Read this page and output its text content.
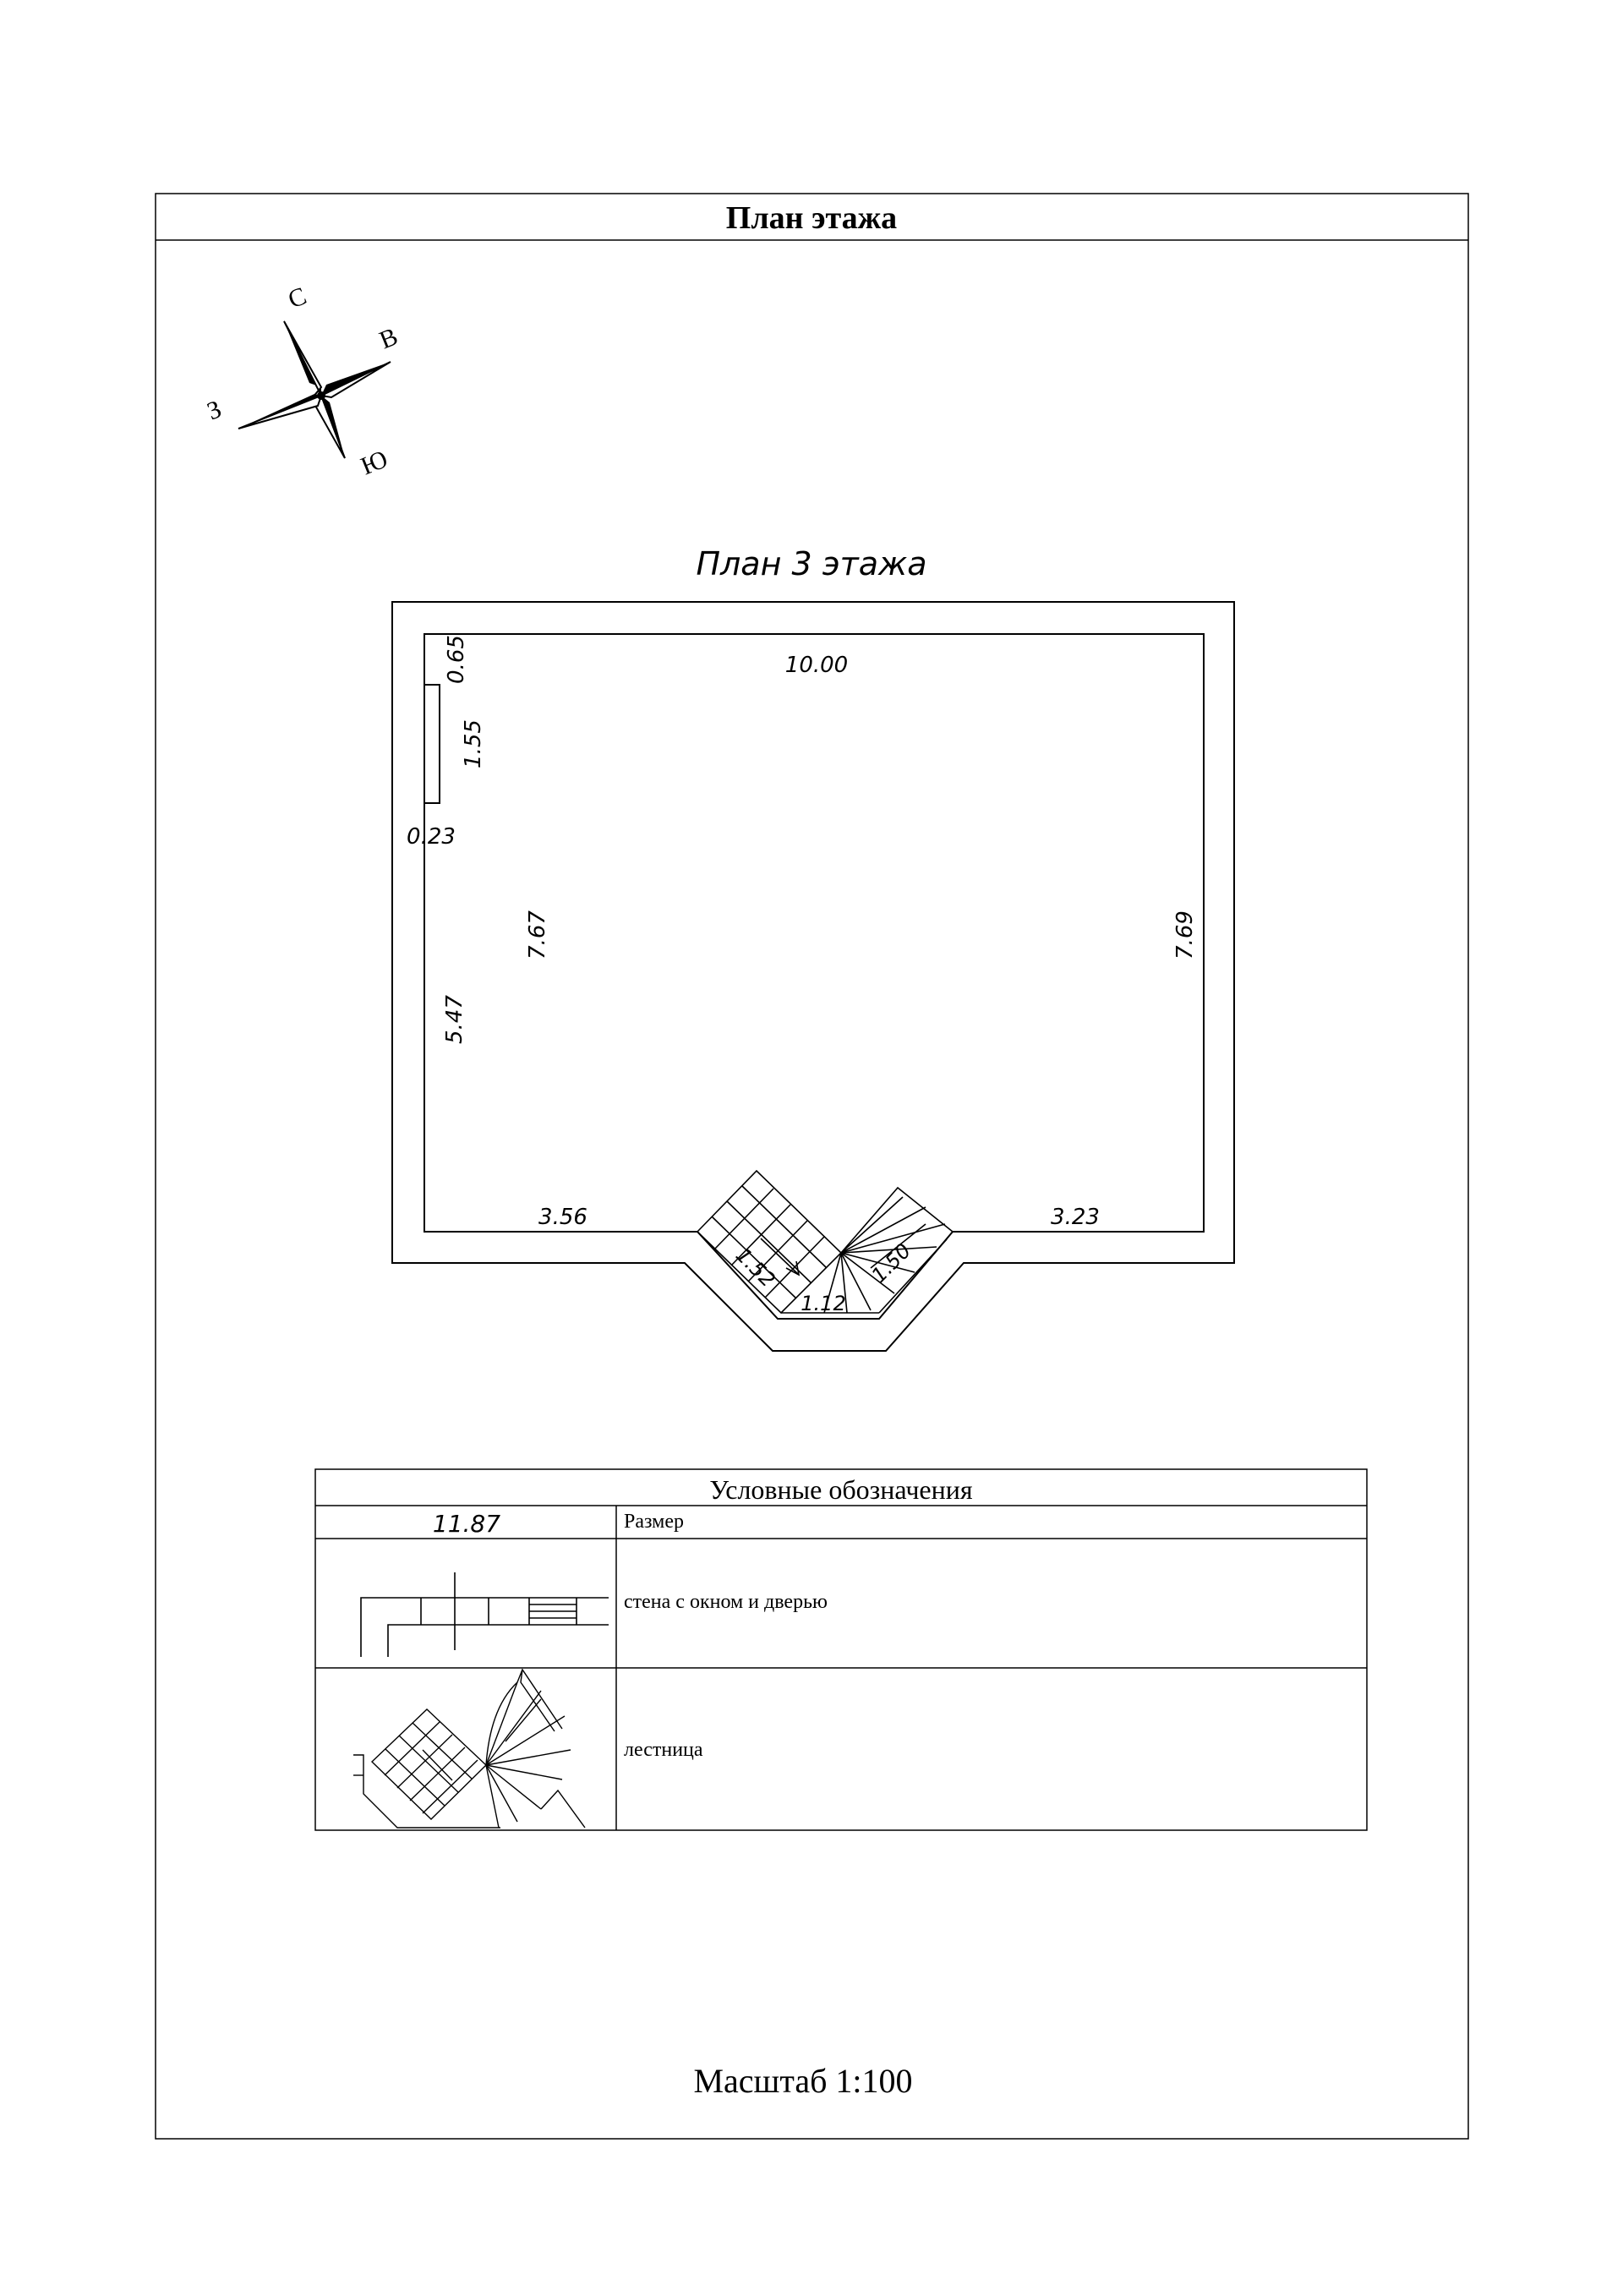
План этажа
С
В
Ю
З
План 3 этажа
10.00
0.65
1.55
0.23
7.67
5.47
7.69
3.56	3.23
1.52
1.12
1.50
Условные обозначения
11.87	Размер
стена с окном и дверью
лестница
Масштаб 1:100
